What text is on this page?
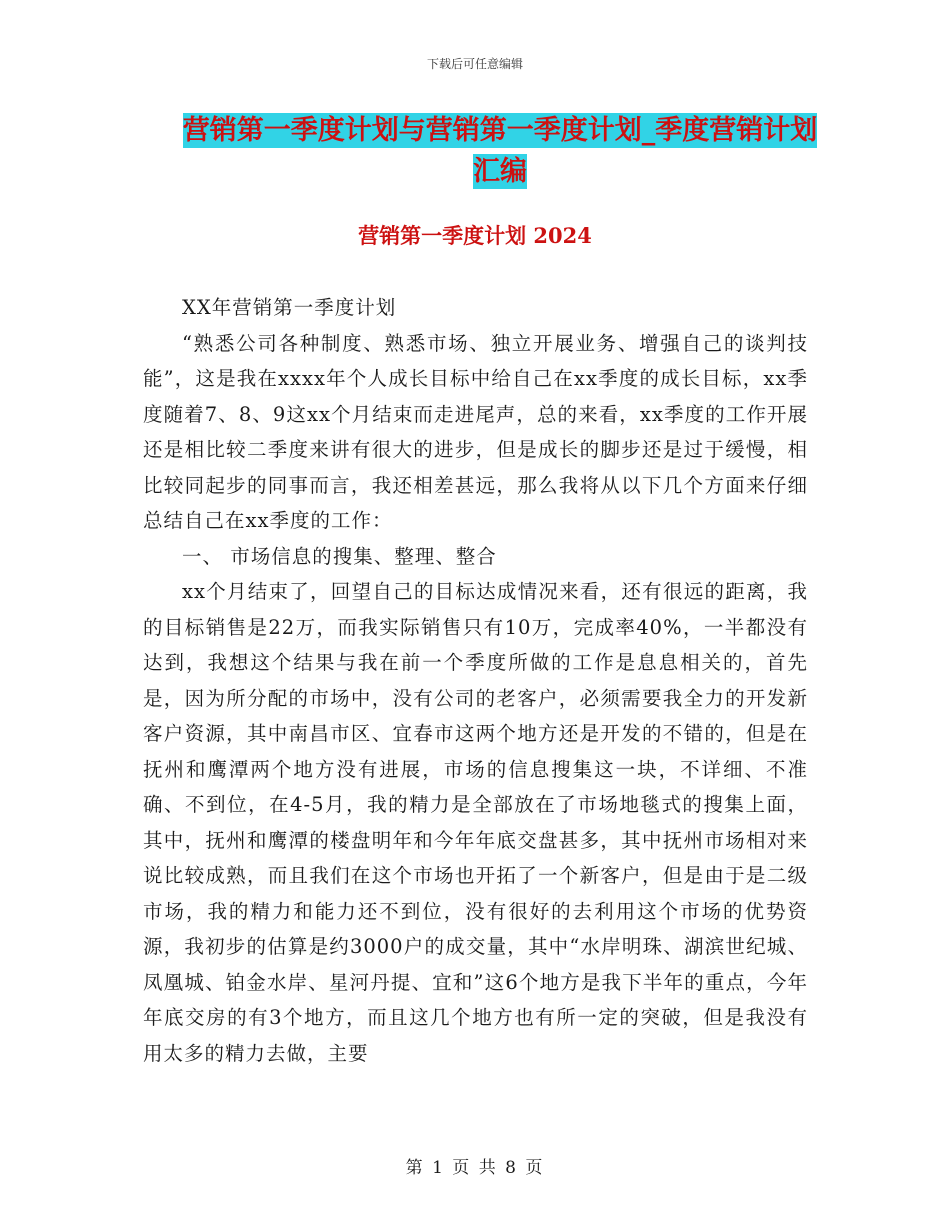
下载后可任意编辑
营销第一季度计划与营销第一季度计划_季度营销计划
汇编
营销第一季度计划 2024

XX年营销第一季度计划

“熟悉公司各种制度、熟悉市场、独立开展业务、增强自己的谈判技能”，这是我在xxxx年个人成长目标中给自己在xx季度的成长目标，xx季度随着7、8、9这xx个月结束而走进尾声，总的来看，xx季度的工作开展还是相比较二季度来讲有很大的进步，但是成长的脚步还是过于缓慢，相比较同起步的同事而言，我还相差甚远，那么我将从以下几个方面来仔细总结自己在xx季度的工作：

一、 市场信息的搜集、整理、整合

xx个月结束了，回望自己的目标达成情况来看，还有很远的距离，我的目标销售是22万，而我实际销售只有10万，完成率40%，一半都没有达到，我想这个结果与我在前一个季度所做的工作是息息相关的，首先是，因为所分配的市场中，没有公司的老客户，必须需要我全力的开发新客户资源，其中南昌市区、宜春市这两个地方还是开发的不错的，但是在抚州和鹰潭两个地方没有进展，市场的信息搜集这一块，不详细、不准确、不到位，在4-5月，我的精力是全部放在了市场地毯式的搜集上面，其中，抚州和鹰潭的楼盘明年和今年年底交盘甚多，其中抚州市场相对来说比较成熟，而且我们在这个市场也开拓了一个新客户，但是由于是二级市场，我的精力和能力还不到位，没有很好的去利用这个市场的优势资源，我初步的估算是约3000户的成交量，其中“水岸明珠、湖滨世纪城、凤凰城、铂金水岸、星河丹提、宜和”这6个地方是我下半年的重点，今年年底交房的有3个地方，而且这几个地方也有所一定的突破，但是我没有用太多的精力去做，主要

第 1 页 共 8 页
